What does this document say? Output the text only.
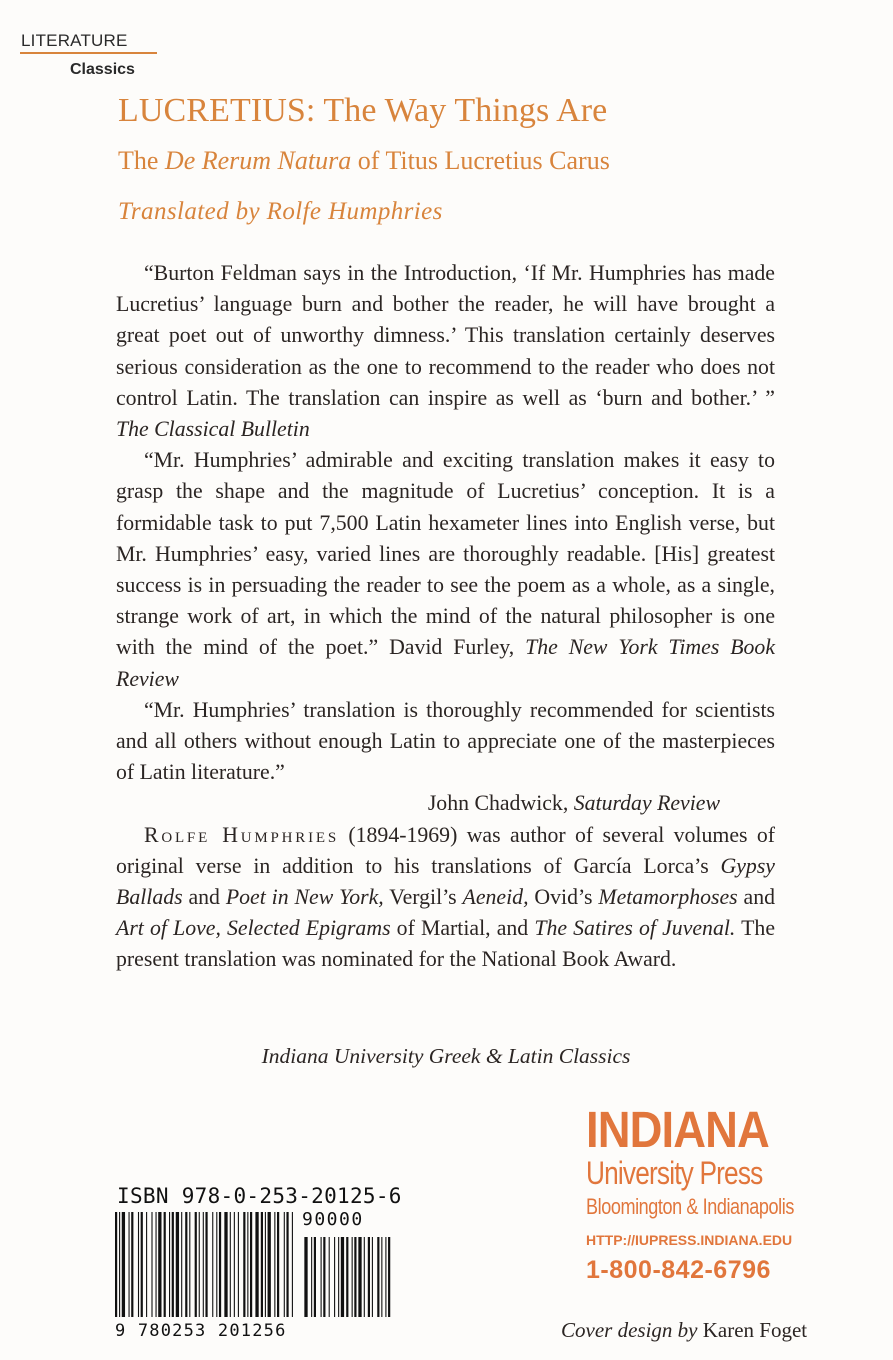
LITERATURE
Classics
LUCRETIUS: The Way Things Are
The De Rerum Natura of Titus Lucretius Carus
Translated by Rolfe Humphries

“Burton Feldman says in the Introduction, ‘If Mr. Humphries has made Lucretius’ language burn and bother the reader, he will have brought a great poet out of unworthy dimness.’ This translation certainly deserves serious consideration as the one to recommend to the reader who does not control Latin. The translation can inspire as well as ‘burn and bother.’ ” The Classical Bulletin

“Mr. Humphries’ admirable and exciting translation makes it easy to grasp the shape and the magnitude of Lucretius’ conception. It is a formidable task to put 7,500 Latin hexameter lines into English verse, but Mr. Humphries’ easy, varied lines are thoroughly readable. [His] greatest success is in persuading the reader to see the poem as a whole, as a single, strange work of art, in which the mind of the natural philosopher is one with the mind of the poet.” David Furley, The New York Times Book Review

“Mr. Humphries’ translation is thoroughly recommended for scientists and all others without enough Latin to appreciate one of the masterpieces of Latin literature.”

John Chadwick, Saturday Review

Rolfe Humphries (1894-1969) was author of several volumes of original verse in addition to his translations of García Lorca’s Gypsy Ballads and Poet in New York, Vergil’s Aeneid, Ovid’s Metamorphoses and Art of Love, Selected Epigrams of Martial, and The Satires of Juvenal. The present translation was nominated for the National Book Award.

Indiana University Greek & Latin Classics
INDIANA
University Press
Bloomington & Indianapolis
HTTP://IUPRESS.INDIANA.EDU
1-800-842-6796
ISBN 978-0-253-20125-6
90000
9 780253 201256	Cover design by Karen Foget
